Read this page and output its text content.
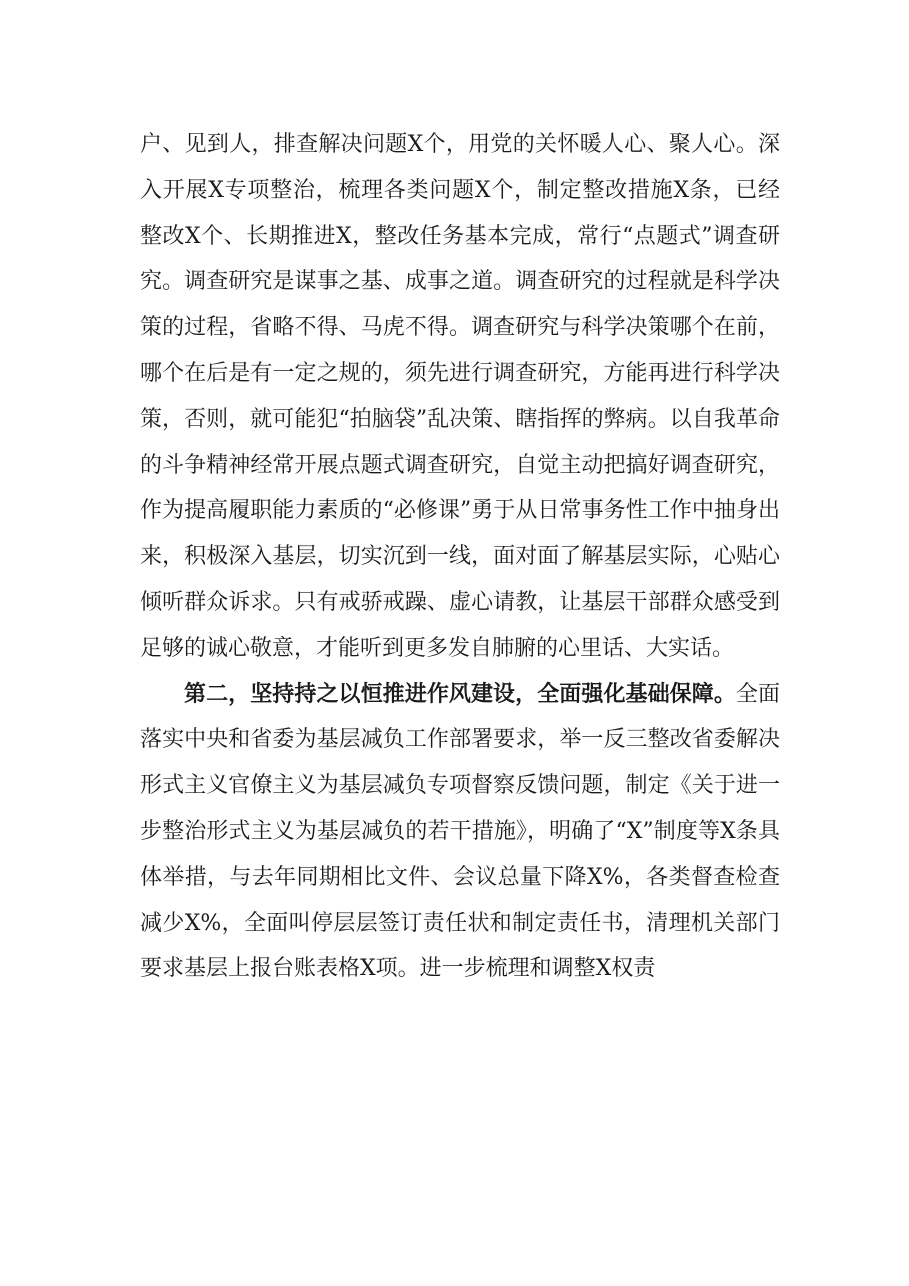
户、见到人，排查解决问题X个，用党的关怀暖人心、聚人心。深入开展X专项整治，梳理各类问题X个，制定整改措施X条，已经整改X个、长期推进X，整改任务基本完成，常行“点题式”调查研究。调查研究是谋事之基、成事之道。调查研究的过程就是科学决策的过程，省略不得、马虎不得。调查研究与科学决策哪个在前，哪个在后是有一定之规的，须先进行调查研究，方能再进行科学决策，否则，就可能犯“拍脑袋”乱决策、瞎指挥的弊病。以自我革命的斗争精神经常开展点题式调查研究，自觉主动把搞好调查研究，作为提高履职能力素质的“必修课”勇于从日常事务性工作中抽身出来，积极深入基层，切实沉到一线，面对面了解基层实际，心贴心倾听群众诉求。只有戒骄戒躁、虚心请教，让基层干部群众感受到足够的诚心敬意，才能听到更多发自肺腑的心里话、大实话。

第二，坚持持之以恒推进作风建设，全面强化基础保障。全面落实中央和省委为基层减负工作部署要求，举一反三整改省委解决形式主义官僚主义为基层减负专项督察反馈问题，制定《关于进一步整治形式主义为基层减负的若干措施》，明确了“X”制度等X条具体举措，与去年同期相比文件、会议总量下降X%，各类督查检查减少X%，全面叫停层层签订责任状和制定责任书，清理机关部门要求基层上报台账表格X项。进一步梳理和调整X权责
